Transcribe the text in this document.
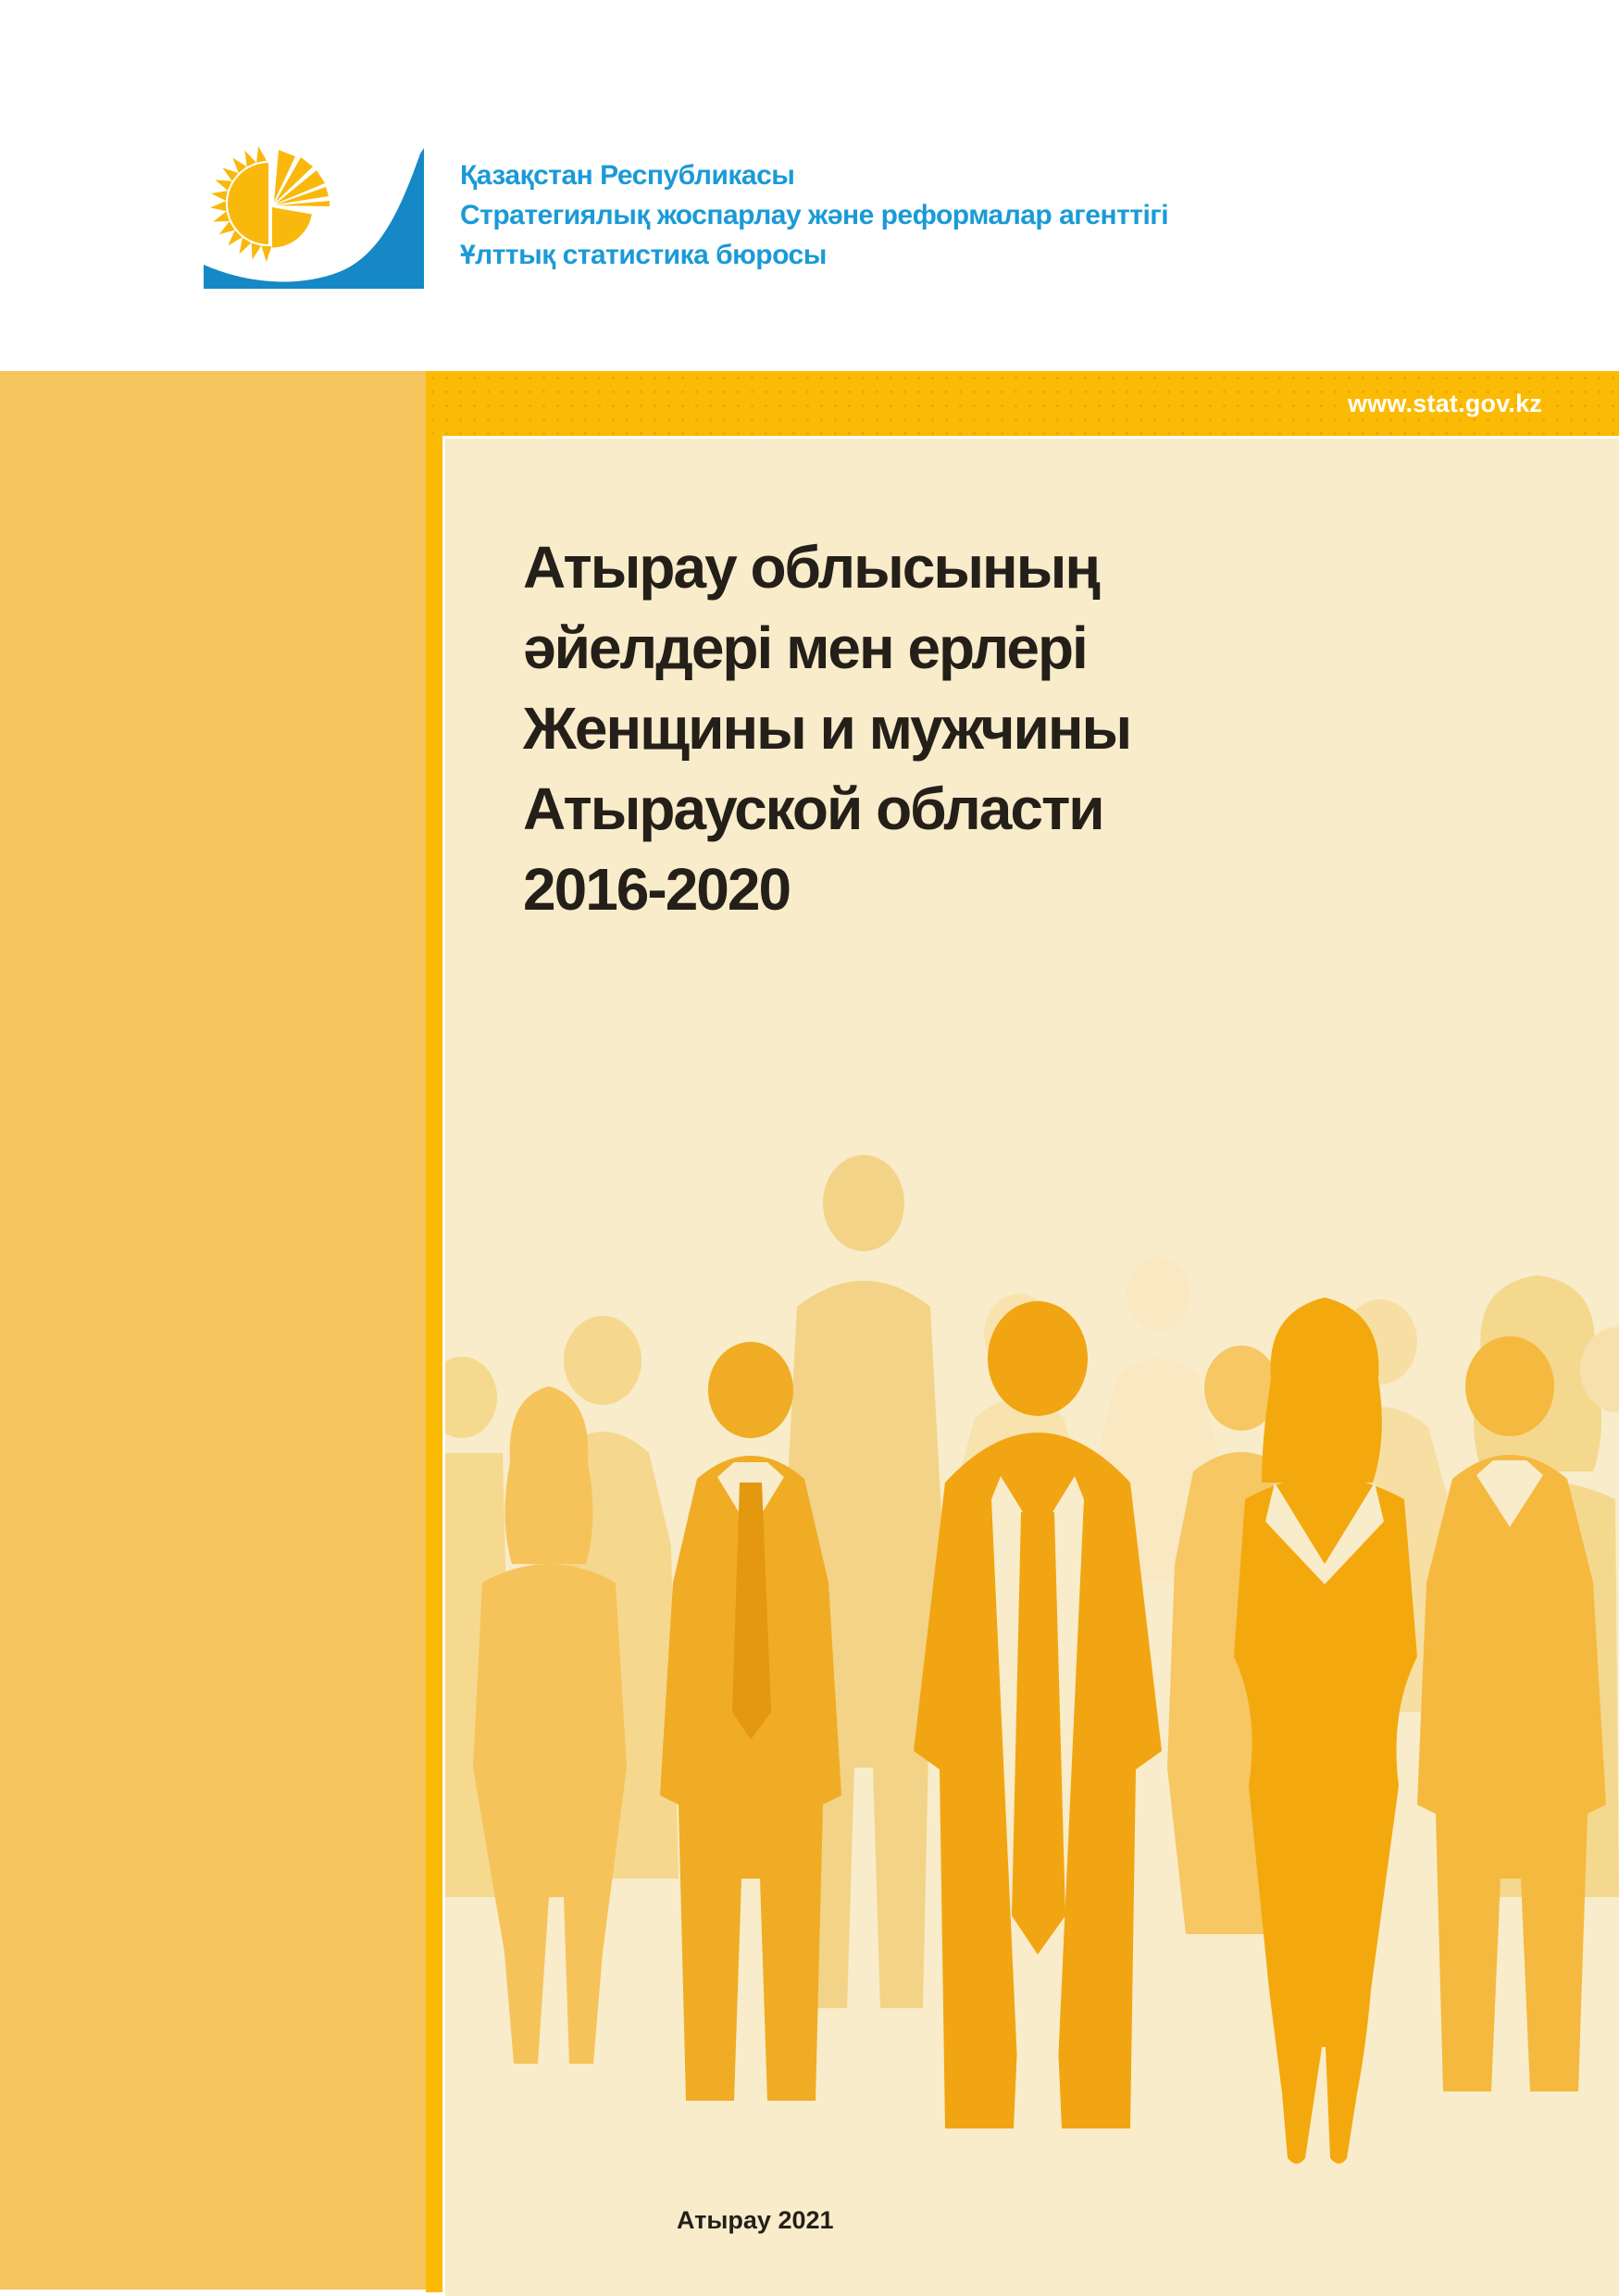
Қазақстан Республикасы
Стратегиялық жоспарлау және реформалар агенттігі
Ұлттық статистика бюросы
www.stat.gov.kz
Атырау облысының
әйелдері мен ерлері
Женщины и мужчины
Атырауской области
2016-2020
Атырау 2021
